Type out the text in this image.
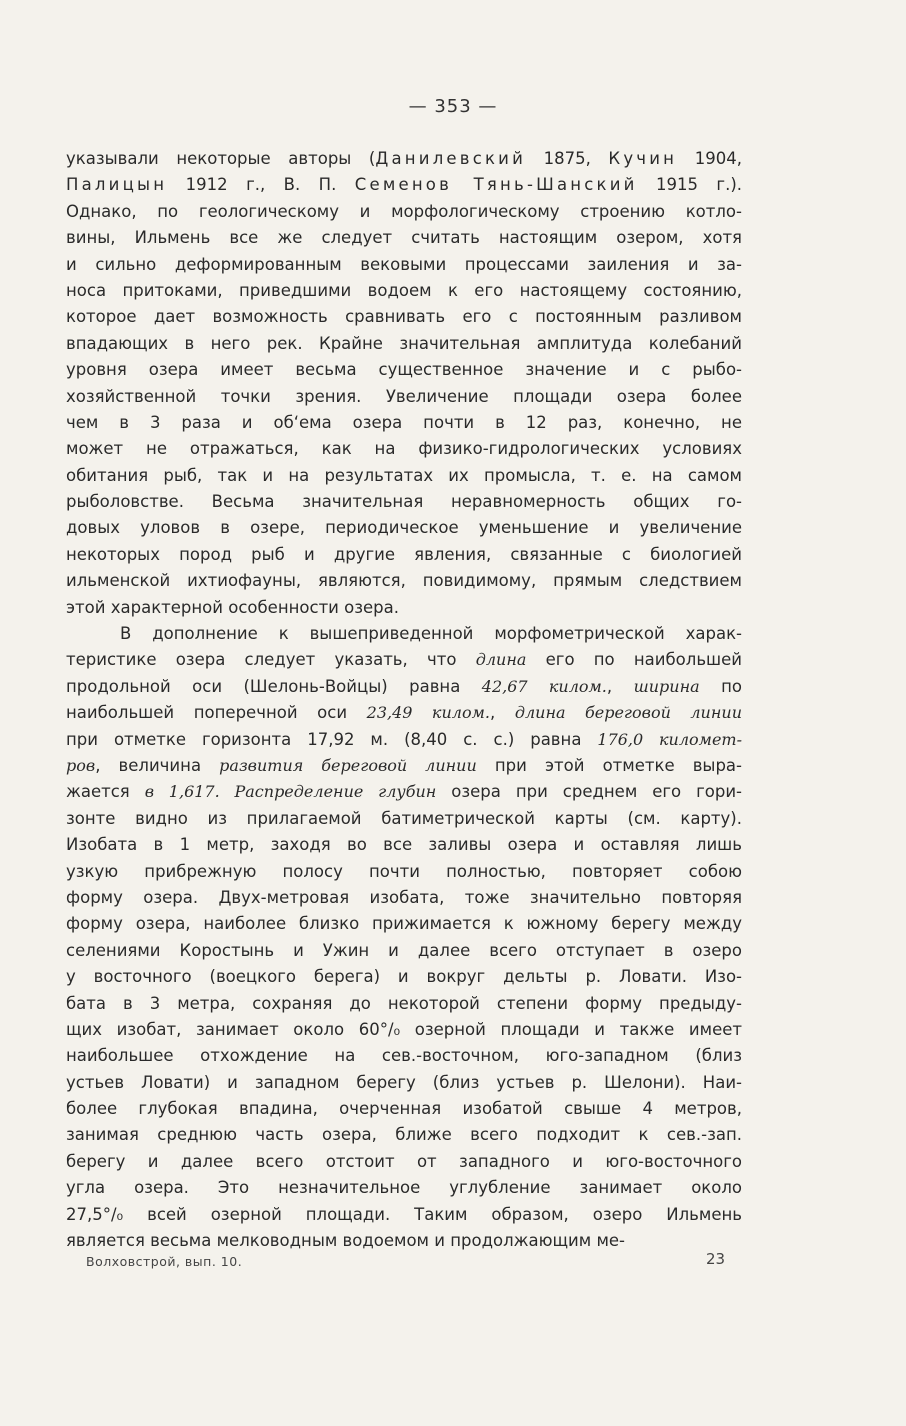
— 353 —
указывали некоторые авторы (Данилевский 1875, Кучин 1904,
Палицын 1912 г., В. П. Семенов Тянь-Шанский 1915 г.).
Однако, по геологическому и морфологическому строению котло-
вины, Ильмень все же следует считать настоящим озером, хотя
и сильно деформированным вековыми процессами заиления и за-
носа притоками, приведшими водоем к его настоящему состоянию,
которое дает возможность сравнивать его с постоянным разливом
впадающих в него рек. Крайне значительная амплитуда колебаний
уровня озера имеет весьма существенное значение и с рыбо-
хозяйственной точки зрения. Увеличение площади озера более
чем в 3 раза и об‘ема озера почти в 12 раз, конечно, не
может не отражаться, как на физико-гидрологических условиях
обитания рыб, так и на результатах их промысла, т. е. на самом
рыболовстве. Весьма значительная неравномерность общих го-
довых уловов в озере, периодическое уменьшение и увеличение
некоторых пород рыб и другие явления, связанные с биологией
ильменской ихтиофауны, являются, повидимому, прямым следствием
этой характерной особенности озера.
В дополнение к вышеприведенной морфометрической харак-
теристике озера следует указать, что длина его по наибольшей
продольной оси (Шелонь-Войцы) равна 42,67 килом., ширина по
наибольшей поперечной оси 23,49 килом., длина береговой линии
при отметке горизонта 17,92 м. (8,40 с. с.) равна 176,0 километ-
ров, величина развития береговой линии при этой отметке выра-
жается в 1,617. Распределение глубин озера при среднем его гори-
зонте видно из прилагаемой батиметрической карты (см. карту).
Изобата в 1 метр, заходя во все заливы озера и оставляя лишь
узкую прибрежную полосу почти полностью, повторяет собою
форму озера. Двух-метровая изобата, тоже значительно повторяя
форму озера, наиболее близко прижимается к южному берегу между
селениями Коростынь и Ужин и далее всего отступает в озеро
у восточного (воецкого берега) и вокруг дельты р. Ловати. Изо-
бата в 3 метра, сохраняя до некоторой степени форму предыду-
щих изобат, занимает около 60°/₀ озерной площади и также имеет
наибольшее отхождение на сев.-восточном, юго-западном (близ
устьев Ловати) и западном берегу (близ устьев р. Шелони). Наи-
более глубокая впадина, очерченная изобатой свыше 4 метров,
занимая среднюю часть озера, ближе всего подходит к сев.-зап.
берегу и далее всего отстоит от западного и юго-восточного
угла озера. Это незначительное углубление занимает около
27,5°/₀ всей озерной площади. Таким образом, озеро Ильмень
является весьма мелководным водоемом и продолжающим ме-
Волховстрой, вып. 10.	23
